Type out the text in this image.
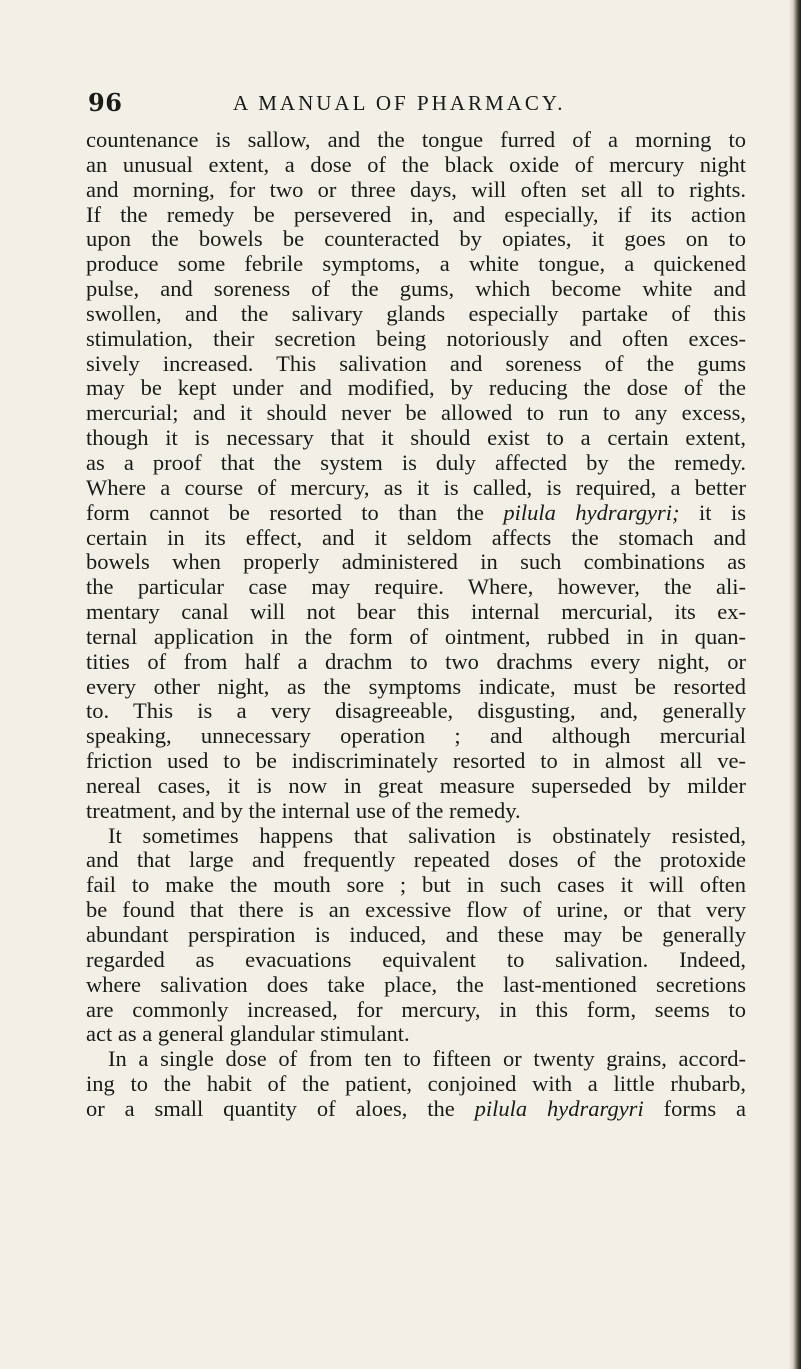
96	A MANUAL OF PHARMACY.
countenance is sallow, and the tongue furred of a morning to
an unusual extent, a dose of the black oxide of mercury night
and morning, for two or three days, will often set all to rights.
If the remedy be persevered in, and especially, if its action
upon the bowels be counteracted by opiates, it goes on to
produce some febrile symptoms, a white tongue, a quickened
pulse, and soreness of the gums, which become white and
swollen, and the salivary glands especially partake of this
stimulation, their secretion being notoriously and often exces-
sively increased. This salivation and soreness of the gums
may be kept under and modified, by reducing the dose of the
mercurial; and it should never be allowed to run to any excess,
though it is necessary that it should exist to a certain extent,
as a proof that the system is duly affected by the remedy.
Where a course of mercury, as it is called, is required, a better
form cannot be resorted to than the pilula hydrargyri; it is
certain in its effect, and it seldom affects the stomach and
bowels when properly administered in such combinations as
the particular case may require. Where, however, the ali-
mentary canal will not bear this internal mercurial, its ex-
ternal application in the form of ointment, rubbed in in quan-
tities of from half a drachm to two drachms every night, or
every other night, as the symptoms indicate, must be resorted
to. This is a very disagreeable, disgusting, and, generally
speaking, unnecessary operation ; and although mercurial
friction used to be indiscriminately resorted to in almost all ve-
nereal cases, it is now in great measure superseded by milder
treatment, and by the internal use of the remedy.
It sometimes happens that salivation is obstinately resisted,
and that large and frequently repeated doses of the protoxide
fail to make the mouth sore ; but in such cases it will often
be found that there is an excessive flow of urine, or that very
abundant perspiration is induced, and these may be generally
regarded as evacuations equivalent to salivation. Indeed,
where salivation does take place, the last-mentioned secretions
are commonly increased, for mercury, in this form, seems to
act as a general glandular stimulant.
In a single dose of from ten to fifteen or twenty grains, accord-
ing to the habit of the patient, conjoined with a little rhubarb,
or a small quantity of aloes, the pilula hydrargyri forms a
